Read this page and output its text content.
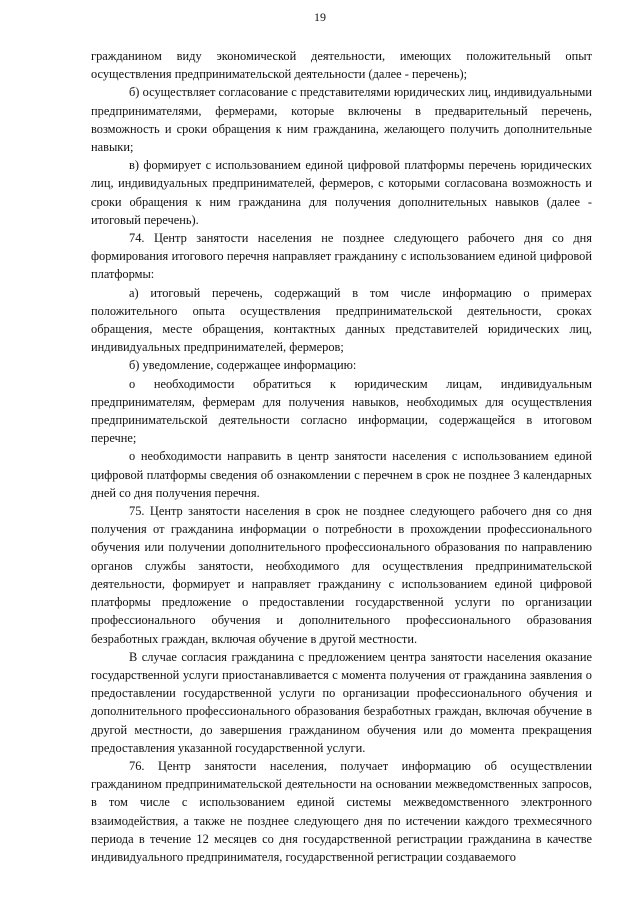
19

гражданином виду экономической деятельности, имеющих положительный опыт осуществления предпринимательской деятельности (далее - перечень);

б) осуществляет согласование с представителями юридических лиц, индивидуальными предпринимателями, фермерами, которые включены в предварительный перечень, возможность и сроки обращения к ним гражданина, желающего получить дополнительные навыки;

в) формирует с использованием единой цифровой платформы перечень юридических лиц, индивидуальных предпринимателей, фермеров, с которыми согласована возможность и сроки обращения к ним гражданина для получения дополнительных навыков (далее - итоговый перечень).

74. Центр занятости населения не позднее следующего рабочего дня со дня формирования итогового перечня направляет гражданину с использованием единой цифровой платформы:

а) итоговый перечень, содержащий в том числе информацию о примерах положительного опыта осуществления предпринимательской деятельности, сроках обращения, месте обращения, контактных данных представителей юридических лиц, индивидуальных предпринимателей, фермеров;

б) уведомление, содержащее информацию:

о необходимости обратиться к юридическим лицам, индивидуальным предпринимателям, фермерам для получения навыков, необходимых для осуществления предпринимательской деятельности согласно информации, содержащейся в итоговом перечне;

о необходимости направить в центр занятости населения с использованием единой цифровой платформы сведения об ознакомлении с перечнем в срок не позднее 3 календарных дней со дня получения перечня.

75. Центр занятости населения в срок не позднее следующего рабочего дня со дня получения от гражданина информации о потребности в прохождении профессионального обучения или получении дополнительного профессионального образования по направлению органов службы занятости, необходимого для осуществления предпринимательской деятельности, формирует и направляет гражданину с использованием единой цифровой платформы предложение о предоставлении государственной услуги по организации профессионального обучения и дополнительного профессионального образования безработных граждан, включая обучение в другой местности.

В случае согласия гражданина с предложением центра занятости населения оказание государственной услуги приостанавливается с момента получения от гражданина заявления о предоставлении государственной услуги по организации профессионального обучения и дополнительного профессионального образования безработных граждан, включая обучение в другой местности, до завершения гражданином обучения или до момента прекращения предоставления указанной государственной услуги.

76. Центр занятости населения, получает информацию об осуществлении гражданином предпринимательской деятельности на основании межведомственных запросов, в том числе с использованием единой системы межведомственного электронного взаимодействия, а также не позднее следующего дня по истечении каждого трехмесячного периода в течение 12 месяцев со дня государственной регистрации гражданина в качестве индивидуального предпринимателя, государственной регистрации создаваемого
